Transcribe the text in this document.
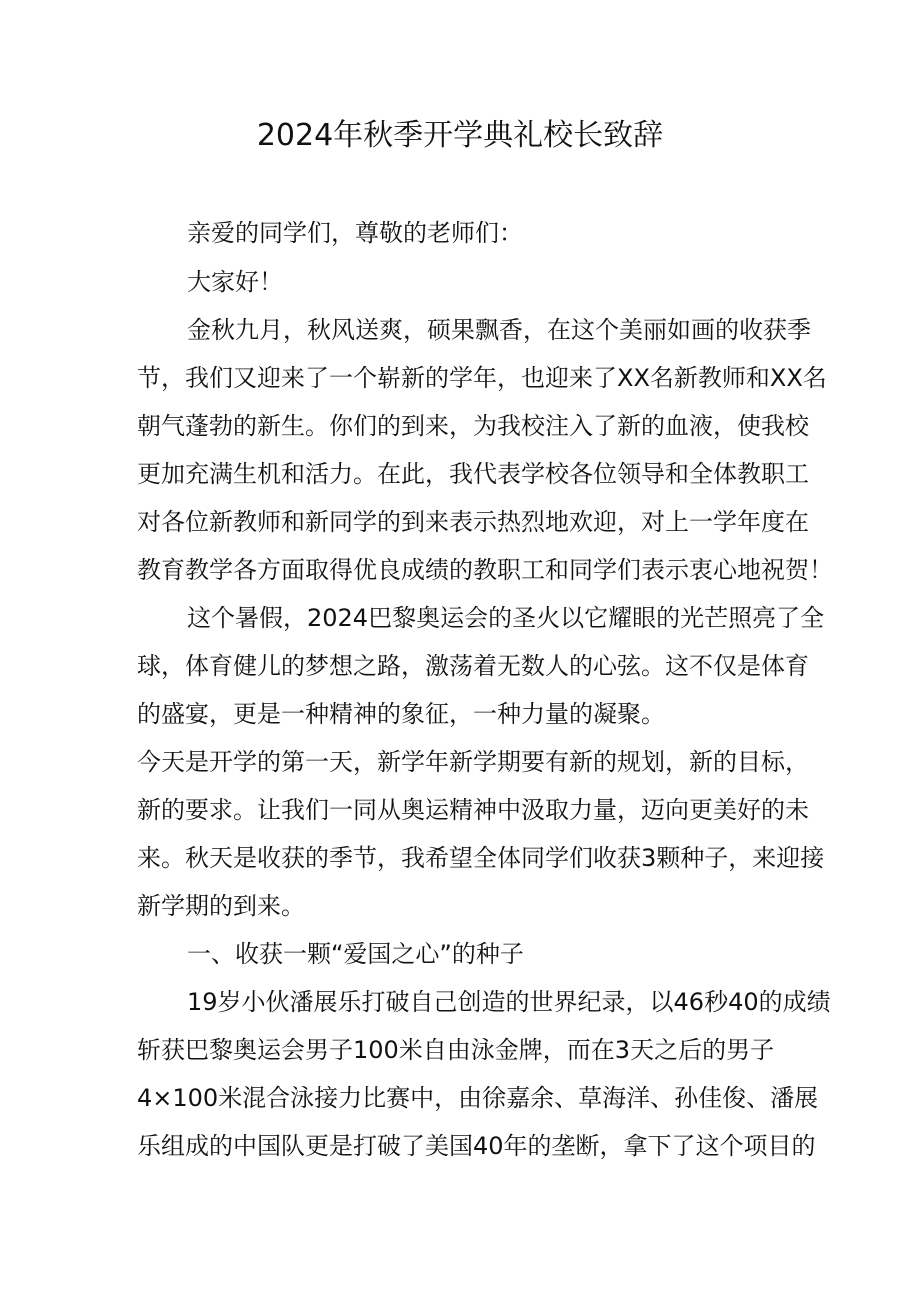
2024年秋季开学典礼校长致辞
亲爱的同学们，尊敬的老师们：
大家好！
金秋九月，秋风送爽，硕果飘香，在这个美丽如画的收获季
节，我们又迎来了一个崭新的学年，也迎来了XX名新教师和XX名
朝气蓬勃的新生。你们的到来，为我校注入了新的血液，使我校
更加充满生机和活力。在此，我代表学校各位领导和全体教职工
对各位新教师和新同学的到来表示热烈地欢迎，对上一学年度在
教育教学各方面取得优良成绩的教职工和同学们表示衷心地祝贺！
这个暑假，2024巴黎奥运会的圣火以它耀眼的光芒照亮了全
球，体育健儿的梦想之路，激荡着无数人的心弦。这不仅是体育
的盛宴，更是一种精神的象征，一种力量的凝聚。
今天是开学的第一天，新学年新学期要有新的规划，新的目标，
新的要求。让我们一同从奥运精神中汲取力量，迈向更美好的未
来。秋天是收获的季节，我希望全体同学们收获3颗种子，来迎接
新学期的到来。
一、收获一颗“爱国之心”的种子
19岁小伙潘展乐打破自己创造的世界纪录，以46秒40的成绩
斩获巴黎奥运会男子100米自由泳金牌，而在3天之后的男子
4×100米混合泳接力比赛中，由徐嘉余、草海洋、孙佳俊、潘展
乐组成的中国队更是打破了美国40年的垄断，拿下了这个项目的
